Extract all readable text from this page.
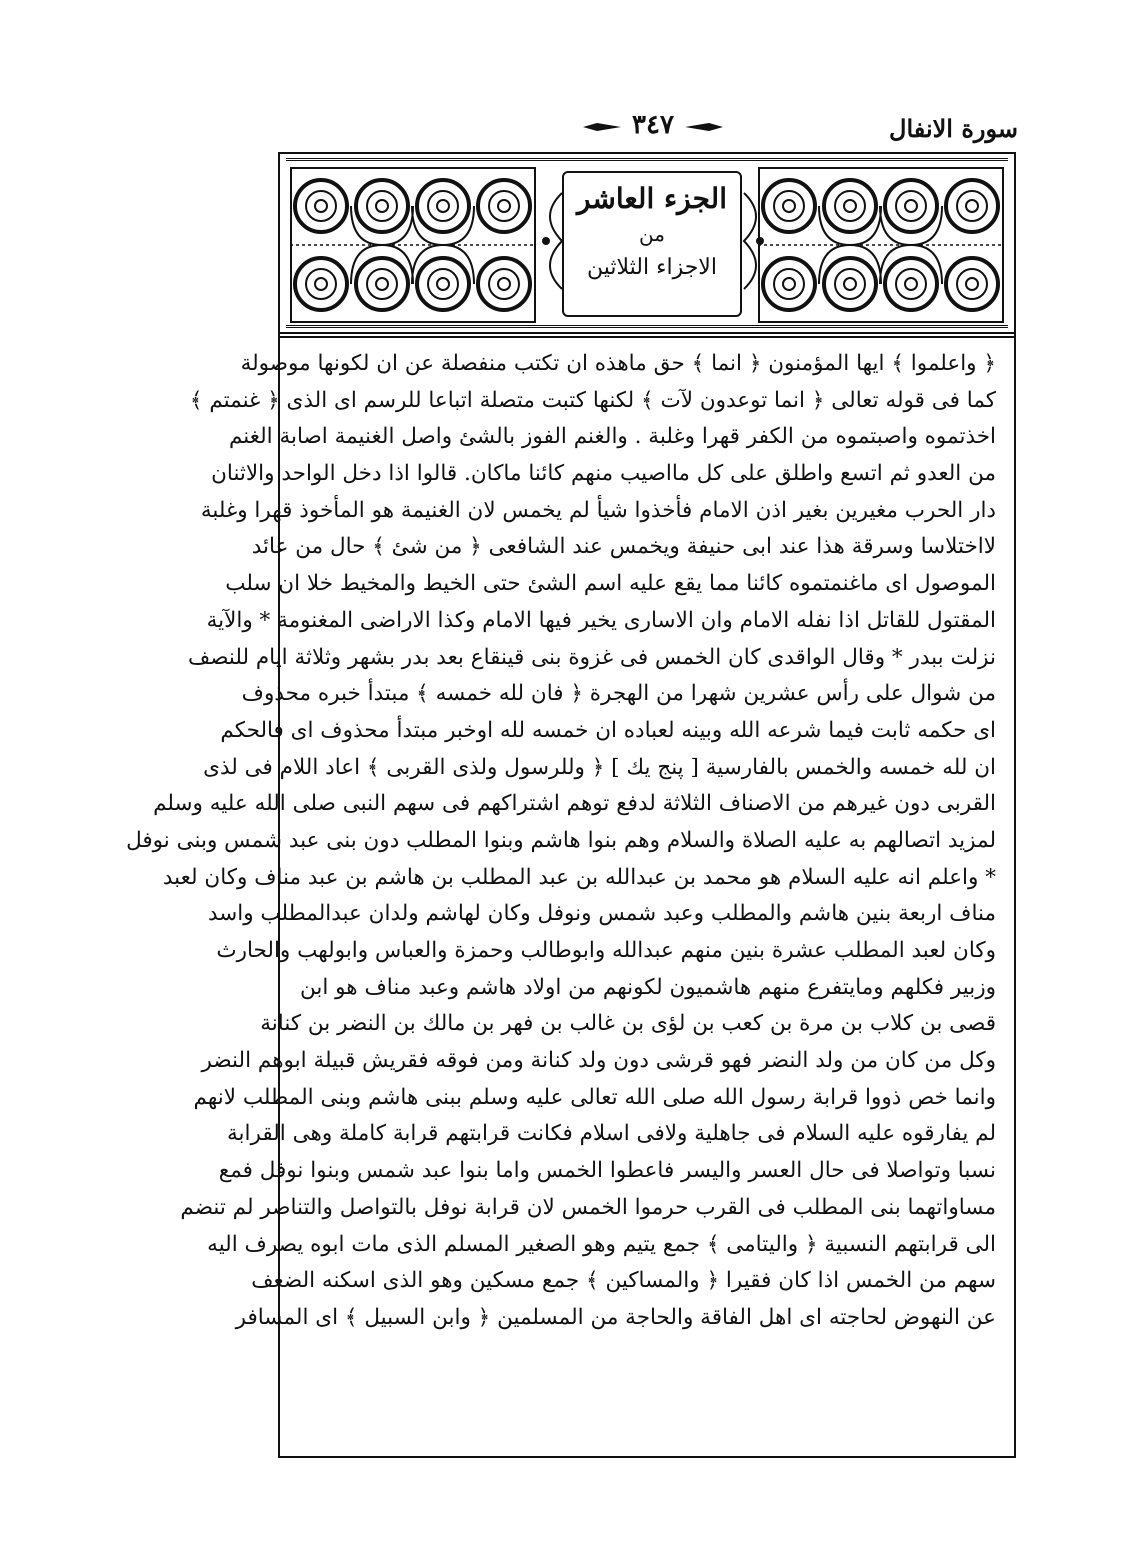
سورة الانفال
٣٤٧
الجزء العاشر
من
الاجزاء الثلاثين
﴿ واعلموا ﴾ ايها المؤمنون ﴿ انما ﴾ حق ماهذه ان تكتب منفصلة عن ان لكونها موصولة
كما فى قوله تعالى ﴿ انما توعدون لآت ﴾ لكنها كتبت متصلة اتباعا للرسم اى الذى ﴿ غنمتم ﴾
اخذتموه واصبتموه من الكفر قهرا وغلبة . والغنم الفوز بالشئ واصل الغنيمة اصابة الغنم
من العدو ثم اتسع واطلق على كل مااصيب منهم كائنا ماكان. قالوا اذا دخل الواحد والاثنان
دار الحرب مغيرين بغير اذن الامام فأخذوا شيأ لم يخمس لان الغنيمة هو المأخوذ قهرا وغلبة
لااختلاسا وسرقة هذا عند ابى حنيفة ويخمس عند الشافعى ﴿ من شئ ﴾ حال من عائد
الموصول اى ماغنمتموه كائنا مما يقع عليه اسم الشئ حتى الخيط والمخيط خلا ان سلب
المقتول للقاتل اذا نفله الامام وان الاسارى يخير فيها الامام وكذا الاراضى المغنومة * والآية
نزلت ببدر * وقال الواقدى كان الخمس فى غزوة بنى قينقاع بعد بدر بشهر وثلاثة ايام للنصف
من شوال على رأس عشرين شهرا من الهجرة ﴿ فان لله خمسه ﴾ مبتدأ خبره محذوف
اى حكمه ثابت فيما شرعه الله وبينه لعباده ان خمسه لله اوخبر مبتدأ محذوف اى فالحكم
ان لله خمسه والخمس بالفارسية [ پنج يك ] ﴿ وللرسول ولذى القربى ﴾ اعاد اللام فى لذى
القربى دون غيرهم من الاصناف الثلاثة لدفع توهم اشتراكهم فى سهم النبى صلى الله عليه وسلم
لمزيد اتصالهم به عليه الصلاة والسلام وهم بنوا هاشم وبنوا المطلب دون بنى عبد شمس وبنى نوفل
* واعلم انه عليه السلام هو محمد بن عبدالله بن عبد المطلب بن هاشم بن عبد مناف وكان لعبد
مناف اربعة بنين هاشم والمطلب وعبد شمس ونوفل وكان لهاشم ولدان عبدالمطلب واسد
وكان لعبد المطلب عشرة بنين منهم عبدالله وابوطالب وحمزة والعباس وابولهب والحارث
وزبير فكلهم ومايتفرع منهم هاشميون لكونهم من اولاد هاشم وعبد مناف هو ابن
قصى بن كلاب بن مرة بن كعب بن لؤى بن غالب بن فهر بن مالك بن النضر بن كنانة
وكل من كان من ولد النضر فهو قرشى دون ولد كنانة ومن فوقه فقريش قبيلة ابوهم النضر
وانما خص ذووا قرابة رسول الله صلى الله تعالى عليه وسلم ببنى هاشم وبنى المطلب لانهم
لم يفارقوه عليه السلام فى جاهلية ولافى اسلام فكانت قرابتهم قرابة كاملة وهى القرابة
نسبا وتواصلا فى حال العسر واليسر فاعطوا الخمس واما بنوا عبد شمس وبنوا نوفل فمع
مساواتهما بنى المطلب فى القرب حرموا الخمس لان قرابة نوفل بالتواصل والتناصر لم تنضم
الى قرابتهم النسبية ﴿ واليتامى ﴾ جمع يتيم وهو الصغير المسلم الذى مات ابوه يصرف اليه
سهم من الخمس اذا كان فقيرا ﴿ والمساكين ﴾ جمع مسكين وهو الذى اسكنه الضعف
عن النهوض لحاجته اى اهل الفاقة والحاجة من المسلمين ﴿ وابن السبيل ﴾ اى المسافر
